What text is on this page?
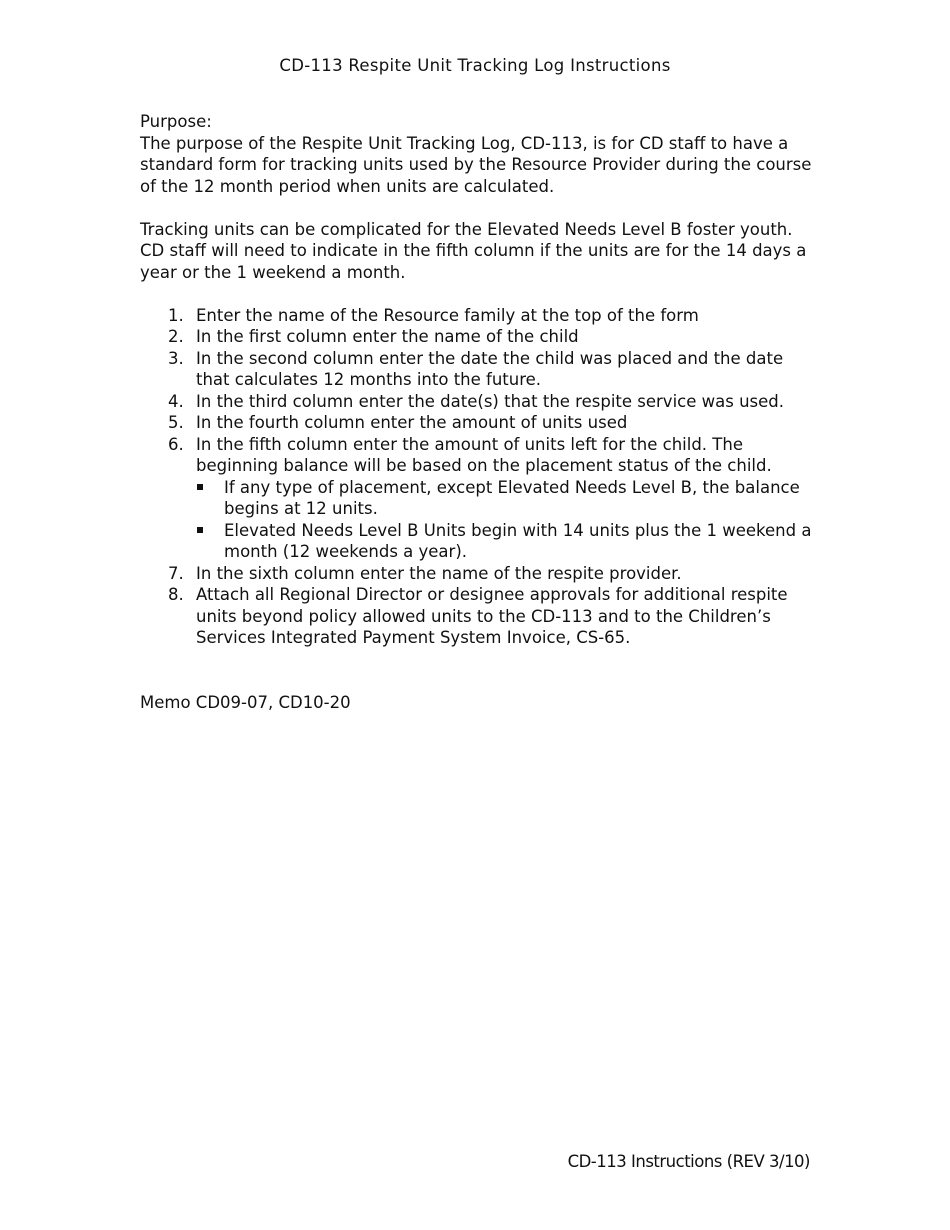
CD-113 Respite Unit Tracking Log Instructions

Purpose:

The purpose of the Respite Unit Tracking Log, CD-113, is for CD staff to have a standard form for tracking units used by the Resource Provider during the course of the 12 month period when units are calculated.

Tracking units can be complicated for the Elevated Needs Level B foster youth. CD staff will need to indicate in the fifth column if the units are for the 14 days a year or the 1 weekend a month.

1. Enter the name of the Resource family at the top of the form
2. In the first column enter the name of the child
3. In the second column enter the date the child was placed and the date that calculates 12 months into the future.
4. In the third column enter the date(s) that the respite service was used.
5. In the fourth column enter the amount of units used
6. In the fifth column enter the amount of units left for the child. The beginning balance will be based on the placement status of the child.
If any type of placement, except Elevated Needs Level B, the balance begins at 12 units.
Elevated Needs Level B Units begin with 14 units plus the 1 weekend a month (12 weekends a year).
7. In the sixth column enter the name of the respite provider.
8. Attach all Regional Director or designee approvals for additional respite units beyond policy allowed units to the CD-113 and to the Children’s Services Integrated Payment System Invoice, CS-65.

Memo CD09-07, CD10-20

CD-113 Instructions (REV 3/10)
